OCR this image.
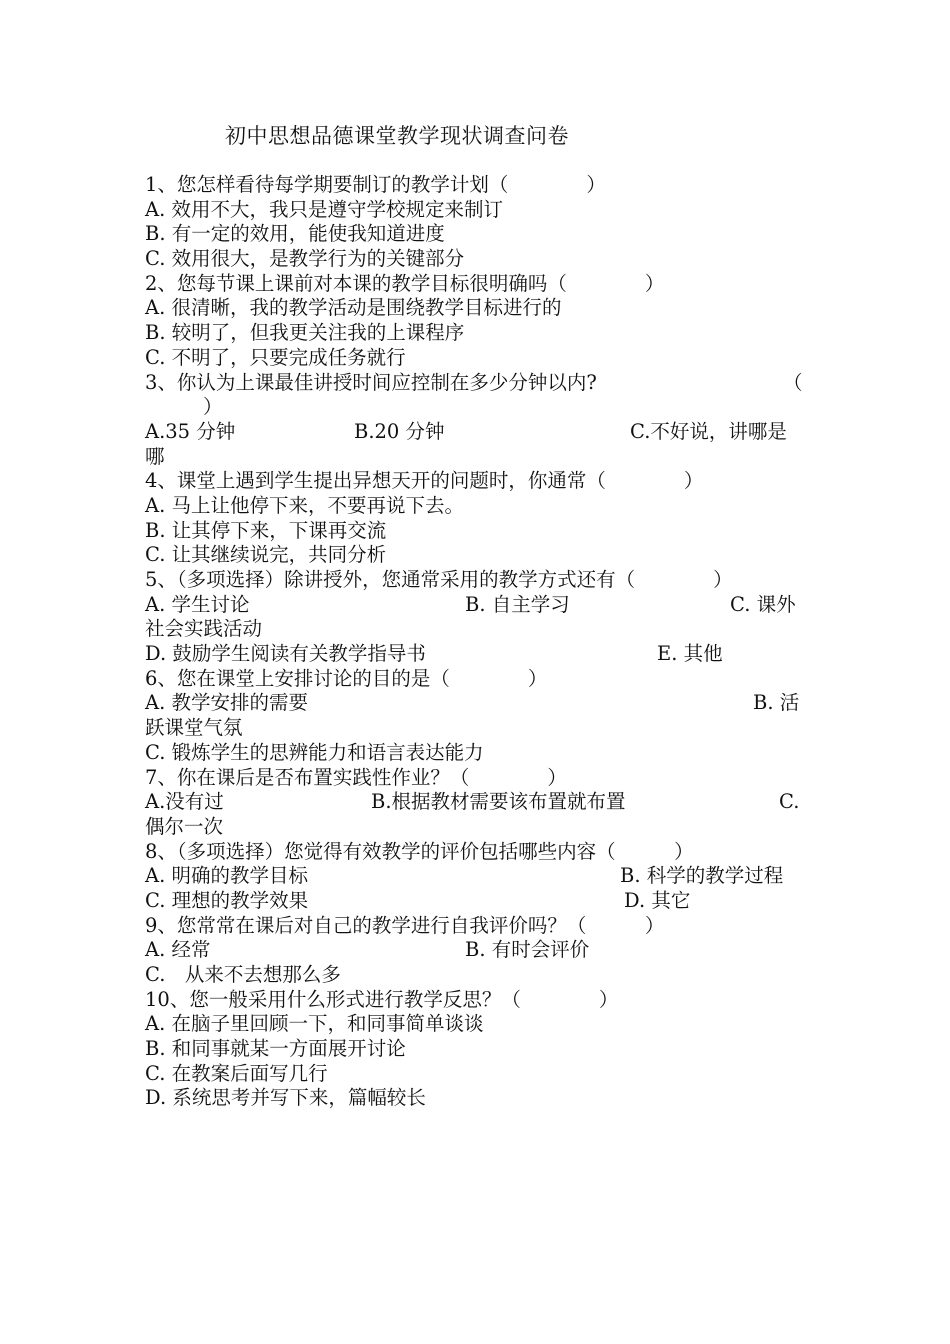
初中思想品德课堂教学现状调查问卷
1、您怎样看待每学期要制订的教学计划（　　　　）
A. 效用不大，我只是遵守学校规定来制订
B. 有一定的效用，能使我知道进度
C. 效用很大，是教学行为的关键部分
2、您每节课上课前对本课的教学目标很明确吗（　　　　）
A. 很清晰，我的教学活动是围绕教学目标进行的
B. 较明了，但我更关注我的上课程序
C. 不明了，只要完成任务就行
3、你认为上课最佳讲授时间应控制在多少分钟以内?	（
）
A.35 分钟	B.20 分钟	C.不好说，讲哪是
哪
4、课堂上遇到学生提出异想天开的问题时，你通常（　　　　）
A. 马上让他停下来，不要再说下去。
B. 让其停下来，下课再交流
C. 让其继续说完，共同分析
5、（多项选择）除讲授外，您通常采用的教学方式还有（　　　　）
A. 学生讨论	B. 自主学习	C. 课外
社会实践活动
D. 鼓励学生阅读有关教学指导书	E. 其他
6、您在课堂上安排讨论的目的是（　　　　）
A. 教学安排的需要	B. 活
跃课堂气氛
C. 锻炼学生的思辨能力和语言表达能力
7、你在课后是否布置实践性作业？（　　　　）
A.没有过	B.根据教材需要该布置就布置	C.
偶尔一次
8、（多项选择）您觉得有效教学的评价包括哪些内容（　　　）
A. 明确的教学目标	B. 科学的教学过程
C. 理想的教学效果	D. 其它
9、您常常在课后对自己的教学进行自我评价吗？（　　　）
A. 经常	B. 有时会评价
C.　从来不去想那么多
10、您一般采用什么形式进行教学反思？（　　　　）
A. 在脑子里回顾一下，和同事简单谈谈
B. 和同事就某一方面展开讨论
C. 在教案后面写几行
D. 系统思考并写下来，篇幅较长
